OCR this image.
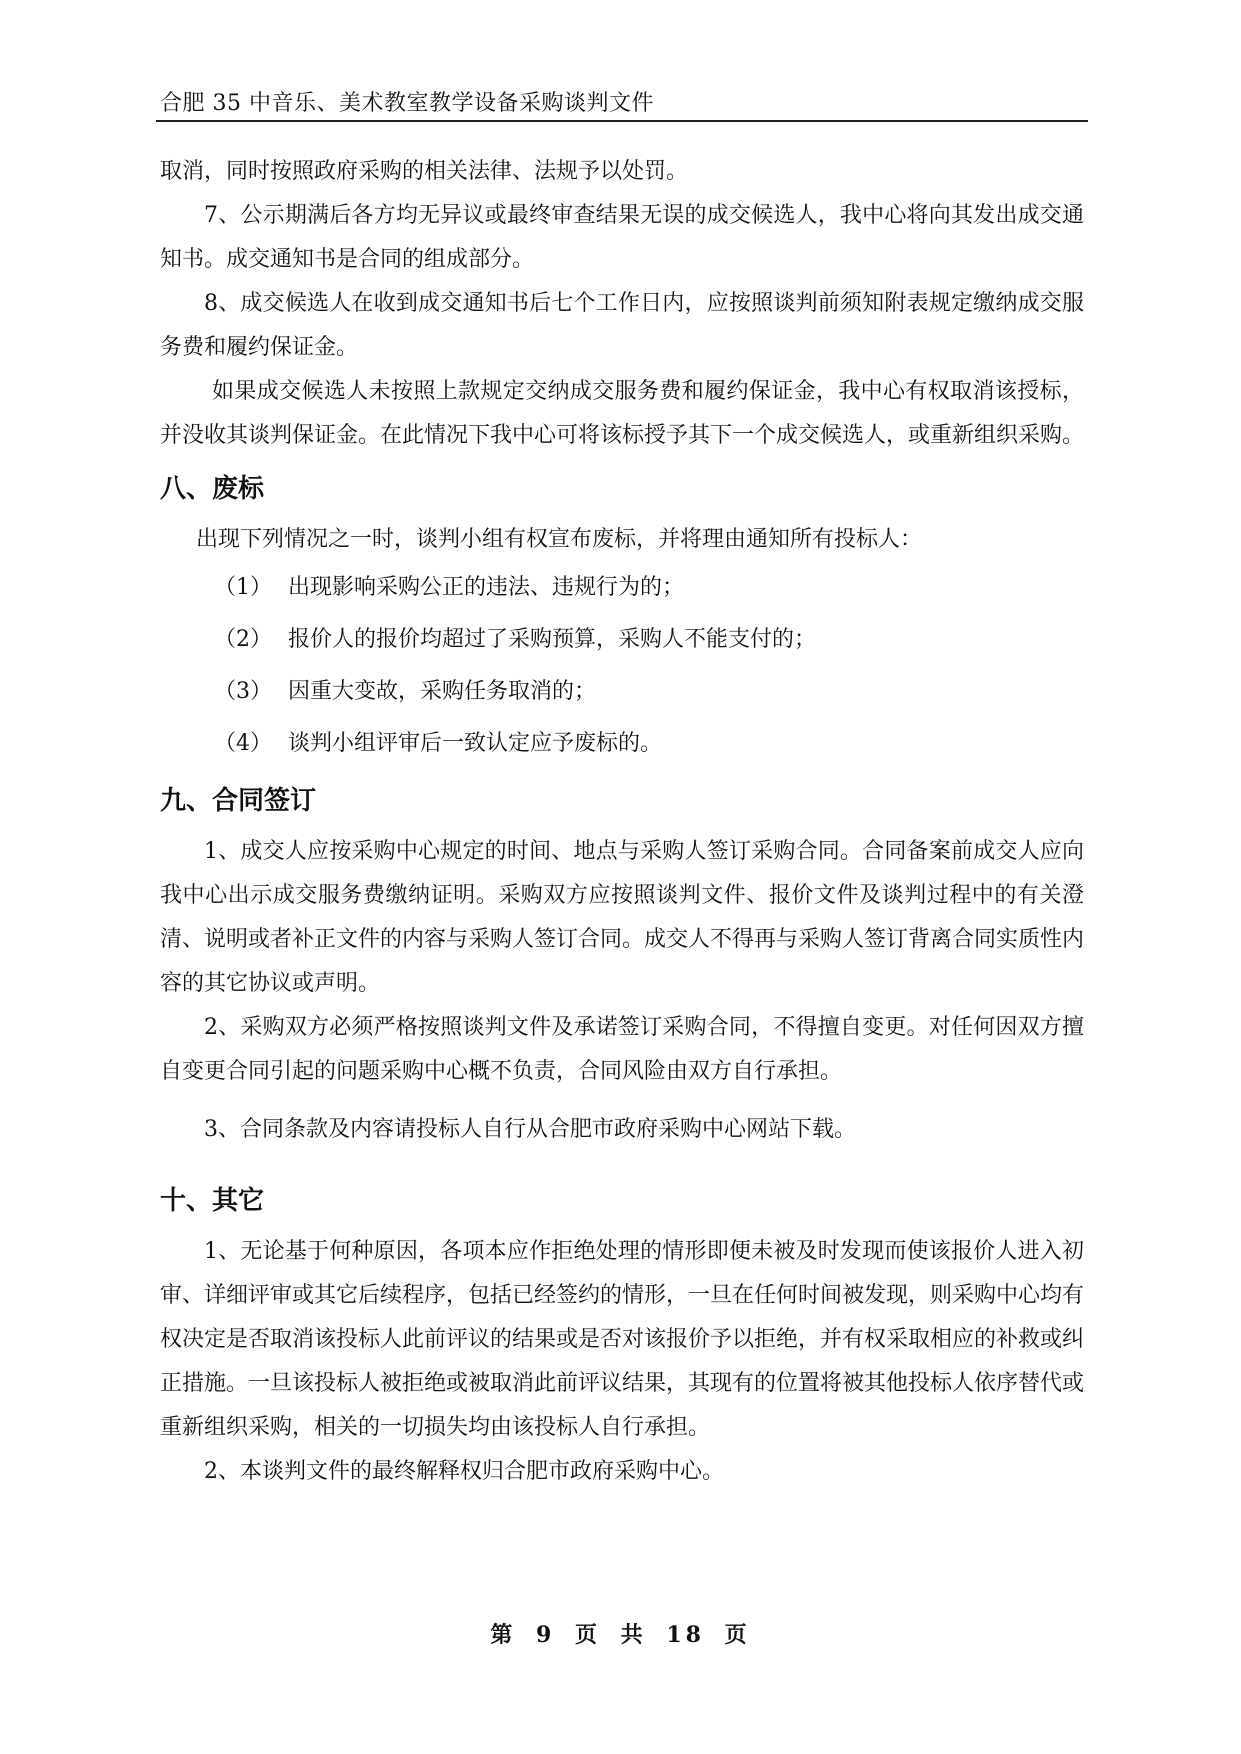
合肥 35 中音乐、美术教室教学设备采购谈判文件

取消，同时按照政府采购的相关法律、法规予以处罚。

7、公示期满后各方均无异议或最终审查结果无误的成交候选人，我中心将向其发出成交通知书。成交通知书是合同的组成部分。

8、成交候选人在收到成交通知书后七个工作日内，应按照谈判前须知附表规定缴纳成交服务费和履约保证金。

如果成交候选人未按照上款规定交纳成交服务费和履约保证金，我中心有权取消该授标，并没收其谈判保证金。在此情况下我中心可将该标授予其下一个成交候选人，或重新组织采购。

八、废标

出现下列情况之一时，谈判小组有权宣布废标，并将理由通知所有投标人：

（1） 出现影响采购公正的违法、违规行为的；
（2） 报价人的报价均超过了采购预算，采购人不能支付的；
（3） 因重大变故，采购任务取消的；
（4） 谈判小组评审后一致认定应予废标的。
九、合同签订

1、成交人应按采购中心规定的时间、地点与采购人签订采购合同。合同备案前成交人应向我中心出示成交服务费缴纳证明。采购双方应按照谈判文件、报价文件及谈判过程中的有关澄清、说明或者补正文件的内容与采购人签订合同。成交人不得再与采购人签订背离合同实质性内容的其它协议或声明。

2、采购双方必须严格按照谈判文件及承诺签订采购合同，不得擅自变更。对任何因双方擅自变更合同引起的问题采购中心概不负责，合同风险由双方自行承担。

3、合同条款及内容请投标人自行从合肥市政府采购中心网站下载。

十、其它

1、无论基于何种原因，各项本应作拒绝处理的情形即便未被及时发现而使该报价人进入初审、详细评审或其它后续程序，包括已经签约的情形，一旦在任何时间被发现，则采购中心均有权决定是否取消该投标人此前评议的结果或是否对该报价予以拒绝，并有权采取相应的补救或纠正措施。一旦该投标人被拒绝或被取消此前评议结果，其现有的位置将被其他投标人依序替代或重新组织采购，相关的一切损失均由该投标人自行承担。

2、本谈判文件的最终解释权归合肥市政府采购中心。

第 9 页 共 18 页
